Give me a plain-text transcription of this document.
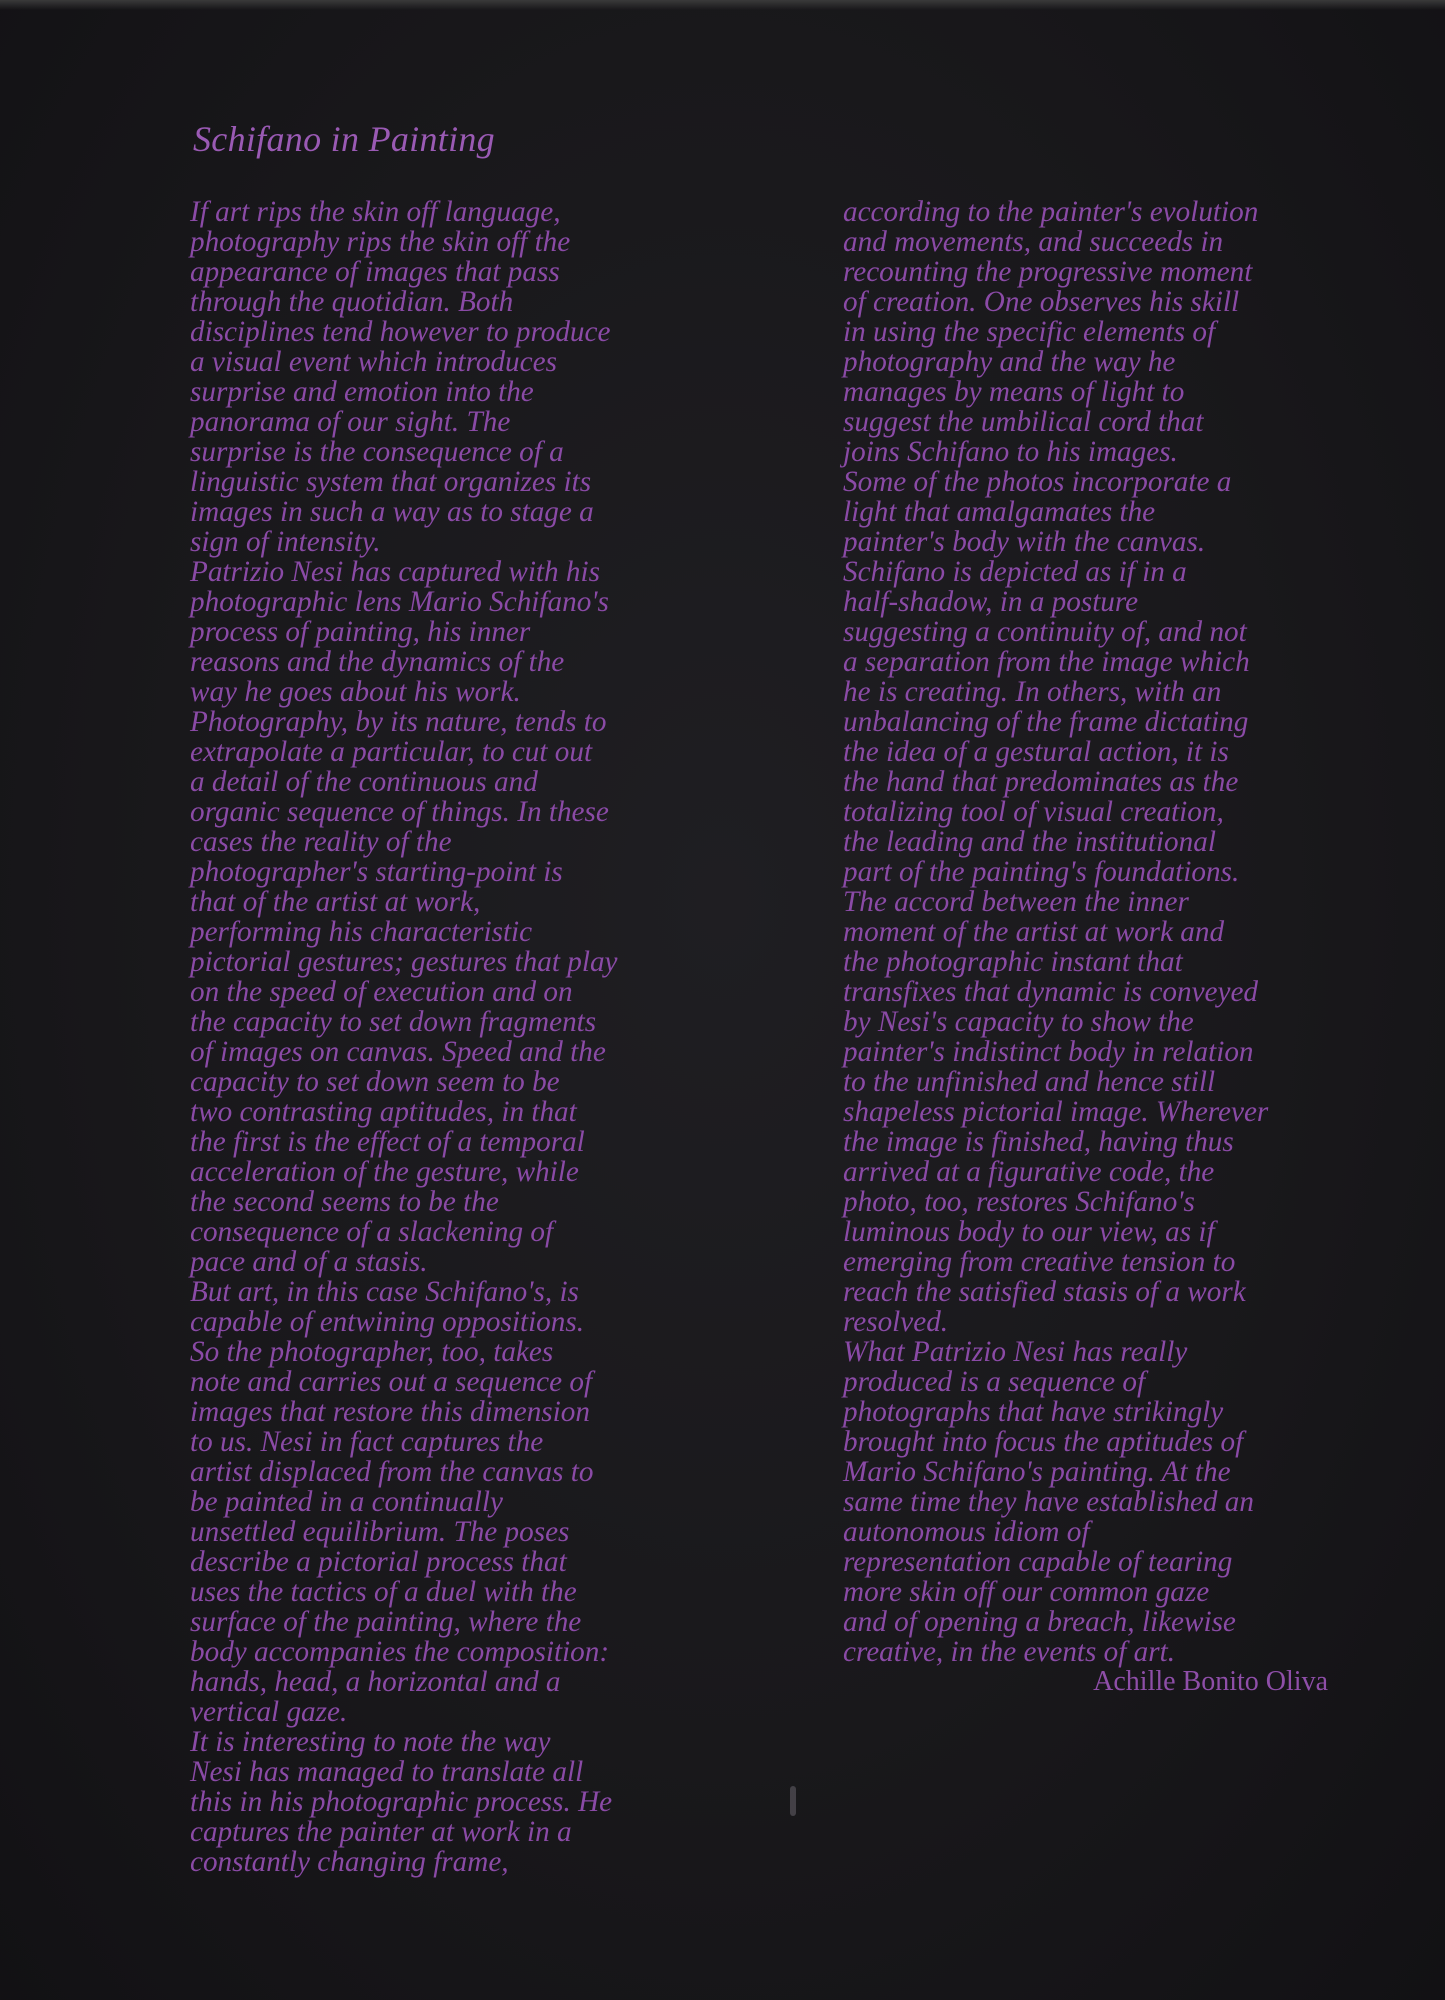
Schifano in Painting
If art rips the skin off language,
photography rips the skin off the
appearance of images that pass
through the quotidian. Both
disciplines tend however to produce
a visual event which introduces
surprise and emotion into the
panorama of our sight. The
surprise is the consequence of a
linguistic system that organizes its
images in such a way as to stage a
sign of intensity.
Patrizio Nesi has captured with his
photographic lens Mario Schifano's
process of painting, his inner
reasons and the dynamics of the
way he goes about his work.
Photography, by its nature, tends to
extrapolate a particular, to cut out
a detail of the continuous and
organic sequence of things. In these
cases the reality of the
photographer's starting-point is
that of the artist at work,
performing his characteristic
pictorial gestures; gestures that play
on the speed of execution and on
the capacity to set down fragments
of images on canvas. Speed and the
capacity to set down seem to be
two contrasting aptitudes, in that
the first is the effect of a temporal
acceleration of the gesture, while
the second seems to be the
consequence of a slackening of
pace and of a stasis.
But art, in this case Schifano's, is
capable of entwining oppositions.
So the photographer, too, takes
note and carries out a sequence of
images that restore this dimension
to us. Nesi in fact captures the
artist displaced from the canvas to
be painted in a continually
unsettled equilibrium. The poses
describe a pictorial process that
uses the tactics of a duel with the
surface of the painting, where the
body accompanies the composition:
hands, head, a horizontal and a
vertical gaze.
It is interesting to note the way
Nesi has managed to translate all
this in his photographic process. He
captures the painter at work in a
constantly changing frame,
according to the painter's evolution
and movements, and succeeds in
recounting the progressive moment
of creation. One observes his skill
in using the specific elements of
photography and the way he
manages by means of light to
suggest the umbilical cord that
joins Schifano to his images.
Some of the photos incorporate a
light that amalgamates the
painter's body with the canvas.
Schifano is depicted as if in a
half-shadow, in a posture
suggesting a continuity of, and not
a separation from the image which
he is creating. In others, with an
unbalancing of the frame dictating
the idea of a gestural action, it is
the hand that predominates as the
totalizing tool of visual creation,
the leading and the institutional
part of the painting's foundations.
The accord between the inner
moment of the artist at work and
the photographic instant that
transfixes that dynamic is conveyed
by Nesi's capacity to show the
painter's indistinct body in relation
to the unfinished and hence still
shapeless pictorial image. Wherever
the image is finished, having thus
arrived at a figurative code, the
photo, too, restores Schifano's
luminous body to our view, as if
emerging from creative tension to
reach the satisfied stasis of a work
resolved.
What Patrizio Nesi has really
produced is a sequence of
photographs that have strikingly
brought into focus the aptitudes of
Mario Schifano's painting. At the
same time they have established an
autonomous idiom of
representation capable of tearing
more skin off our common gaze
and of opening a breach, likewise
creative, in the events of art.
Achille Bonito Oliva
